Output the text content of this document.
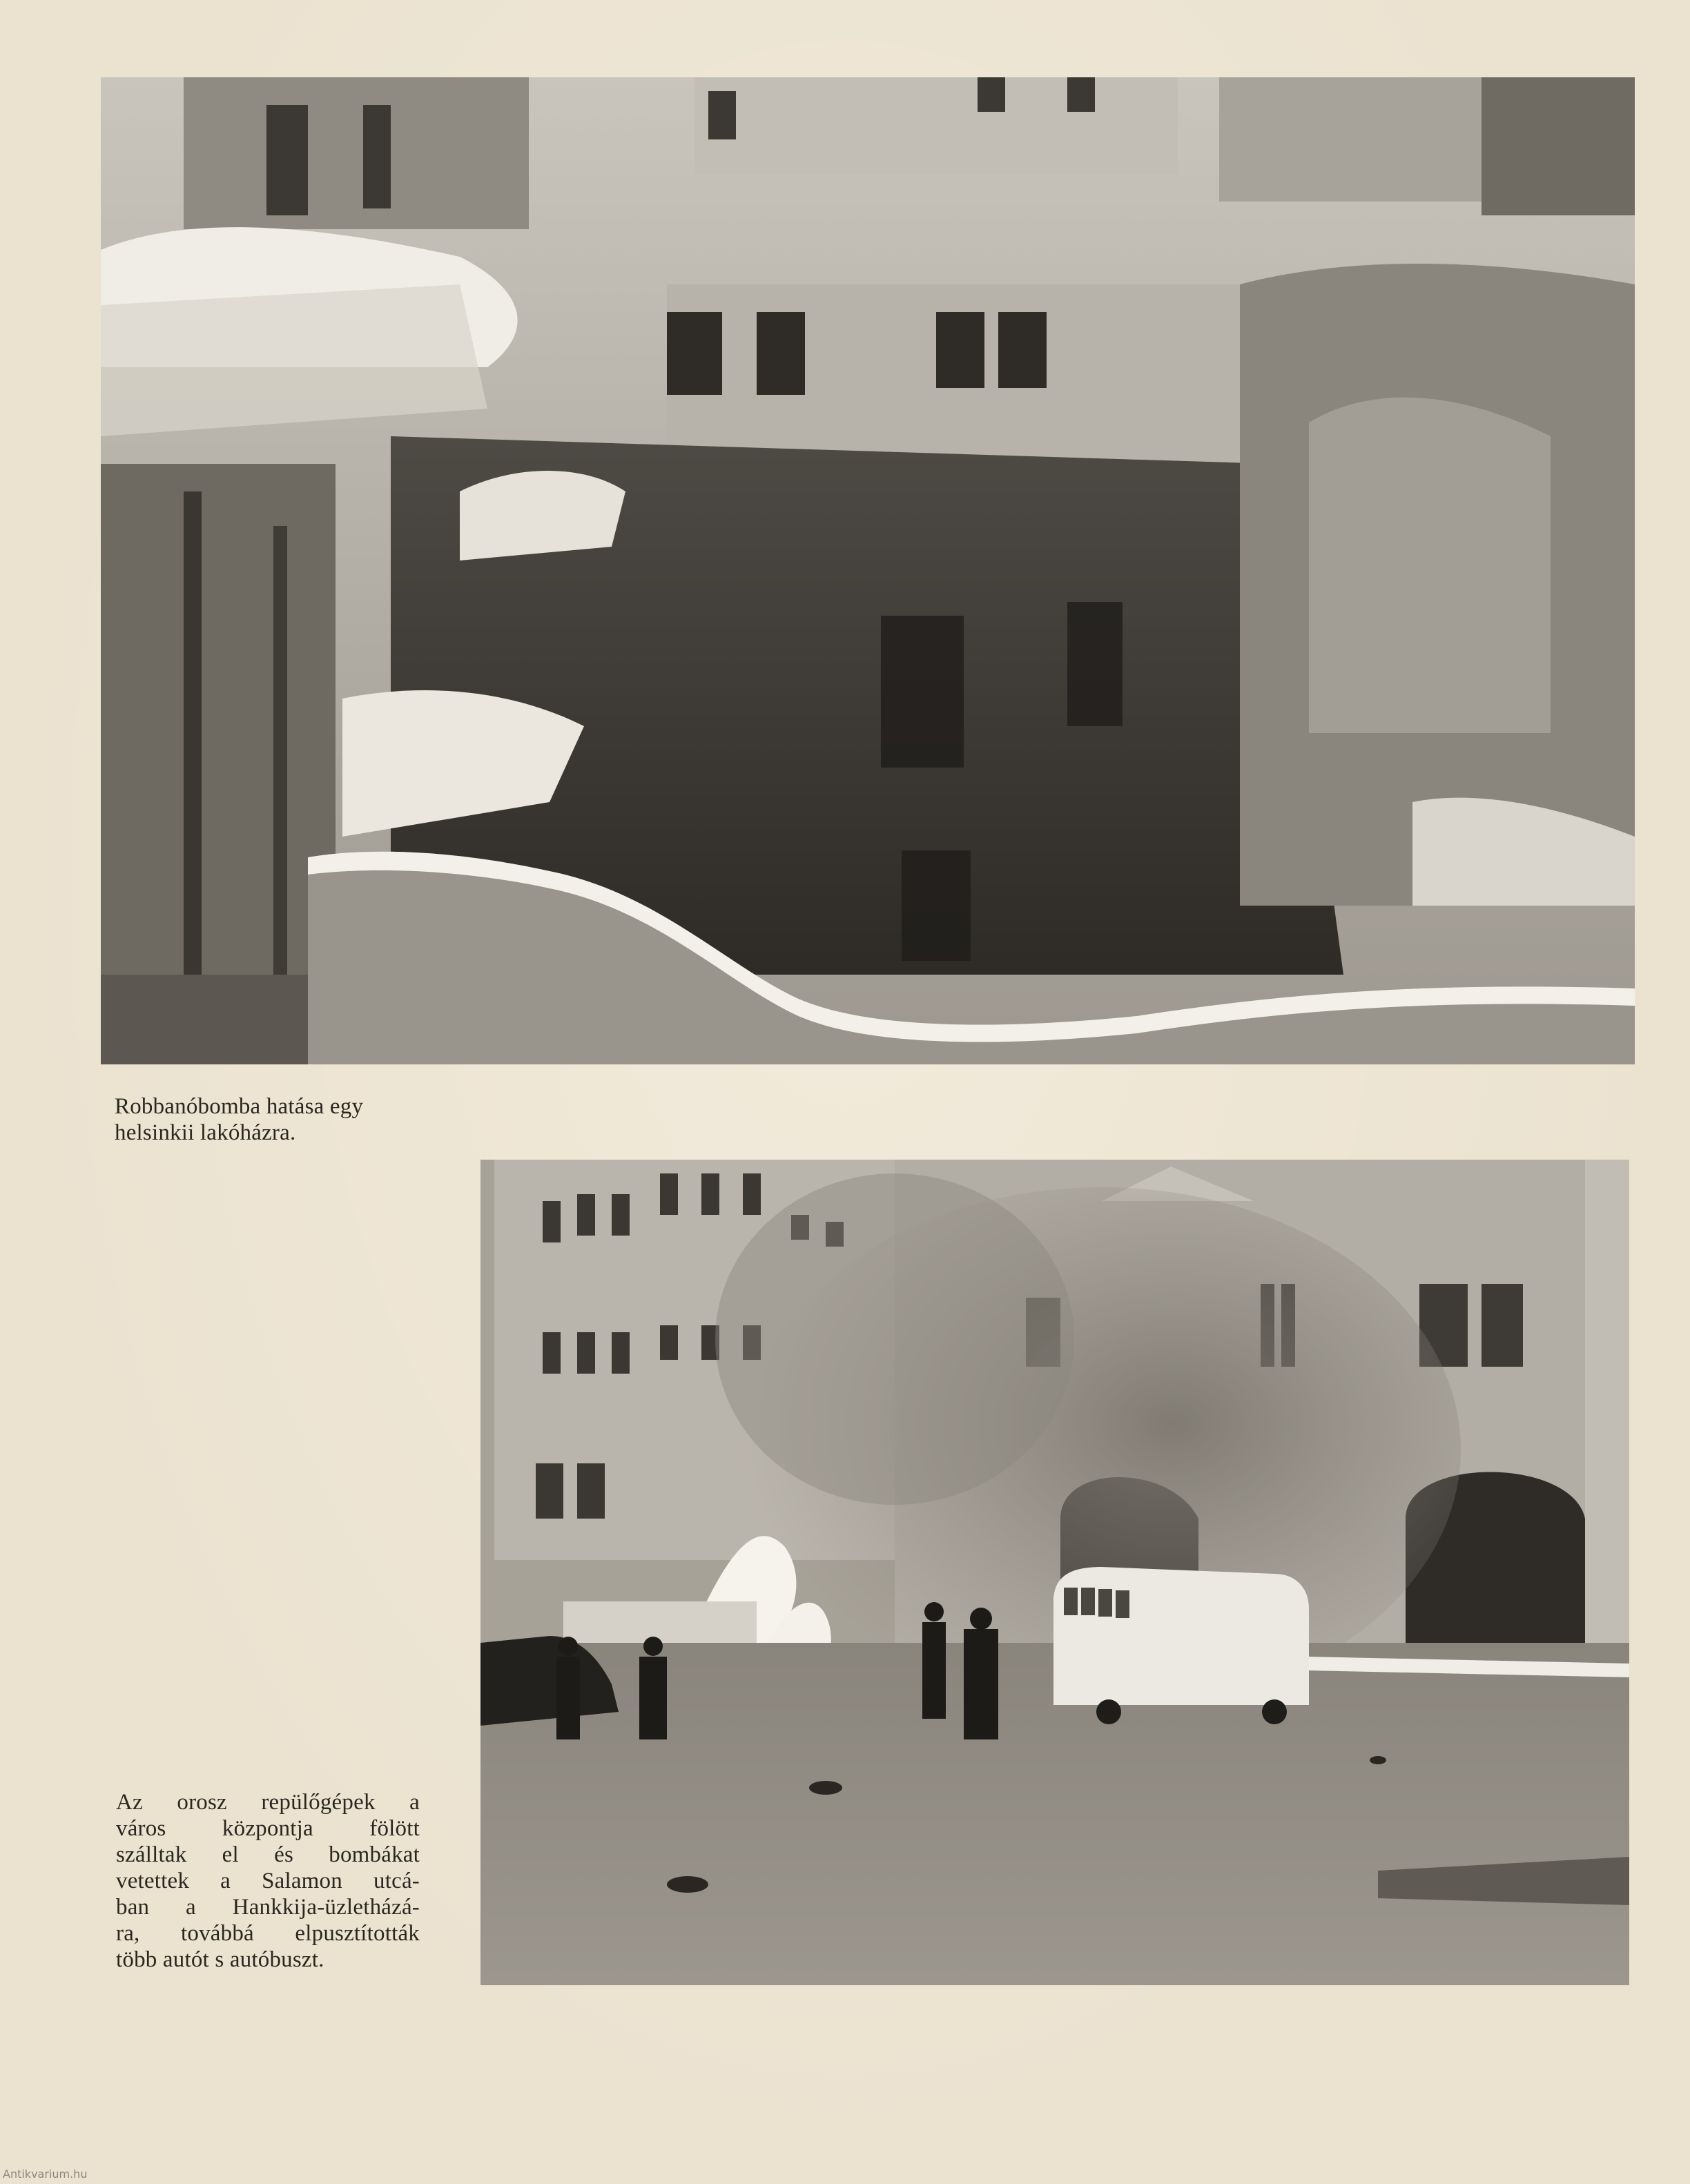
Robbanóbomba hatása egy
helsinkii lakóházra.
Az orosz repülőgépek a
város központja fölött
szálltak el és bombákat
vetettek a Salamon utcá-
ban a Hankkija-üzletházá-
ra, továbbá elpusztították
több autót s autóbuszt.
Antikvarium.hu
